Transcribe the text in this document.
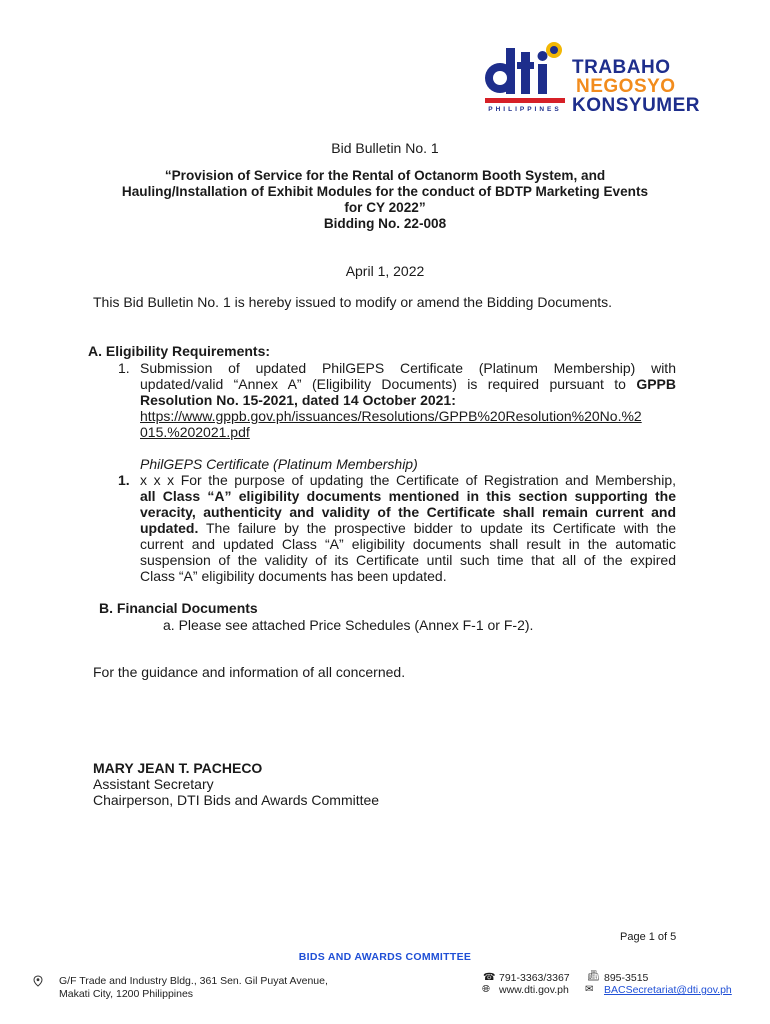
PHILIPPINES
TRABAHO
NEGOSYO
KONSYUMER
Bid Bulletin No. 1
“Provision of Service for the Rental of Octanorm Booth System, and
Hauling/Installation of Exhibit Modules for the conduct of BDTP Marketing Events
for CY 2022”
Bidding No. 22-008
April 1, 2022
This Bid Bulletin No. 1 is hereby issued to modify or amend the Bidding Documents.
A. Eligibility Requirements:
1. Submission of updated PhilGEPS Certificate (Platinum Membership) with
updated/valid “Annex A” (Eligibility Documents) is required pursuant to GPPB
Resolution No. 15-2021, dated 14 October 2021:
https://www.gppb.gov.ph/issuances/Resolutions/GPPB%20Resolution%20No.%2
015.%202021.pdf
PhilGEPS Certificate (Platinum Membership)
1. x x x For the purpose of updating the Certificate of Registration and Membership,
all Class “A” eligibility documents mentioned in this section supporting the
veracity, authenticity and validity of the Certificate shall remain current and
updated. The failure by the prospective bidder to update its Certificate with the
current and updated Class “A” eligibility documents shall result in the automatic
suspension of the validity of its Certificate until such time that all of the expired
Class “A” eligibility documents has been updated.
B. Financial Documents
a. Please see attached Price Schedules (Annex F-1 or F-2).
For the guidance and information of all concerned.
MARY JEAN T. PACHECO
Assistant Secretary
Chairperson, DTI Bids and Awards Committee
Page 1 of 5
BIDS AND AWARDS COMMITTEE
G/F Trade and Industry Bldg., 361 Sen. Gil Puyat Avenue,
Makati City, 1200 Philippines
☎ 791-3363/3367
🌐︎ www.dti.gov.ph
📠︎ 895-3515
✉ BACSecretariat@dti.gov.ph
